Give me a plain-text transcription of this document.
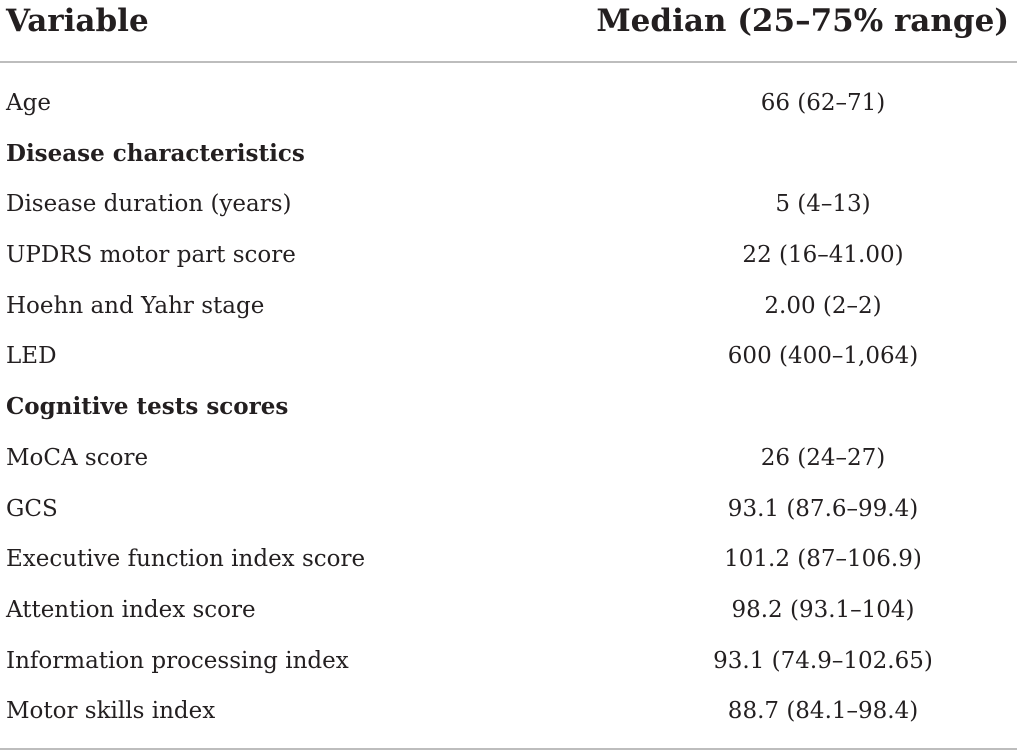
Variable	Median (25–75% range)
Age	66 (62–71)
Disease characteristics
Disease duration (years)	5 (4–13)
UPDRS motor part score	22 (16–41.00)
Hoehn and Yahr stage	2.00 (2–2)
LED	600 (400–1,064)
Cognitive tests scores
MoCA score	26 (24–27)
GCS	93.1 (87.6–99.4)
Executive function index score	101.2 (87–106.9)
Attention index score	98.2 (93.1–104)
Information processing index	93.1 (74.9–102.65)
Motor skills index	88.7 (84.1–98.4)
